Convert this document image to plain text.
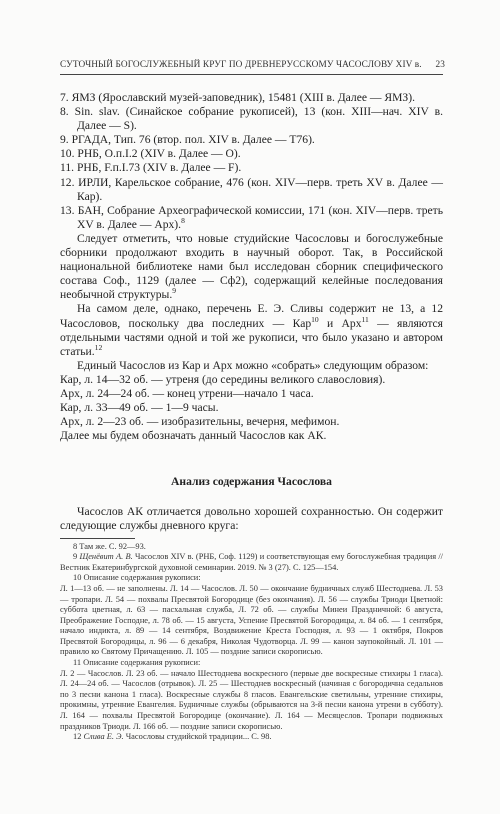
СУТОЧНЫЙ БОГОСЛУЖЕБНЫЙ КРУГ ПО ДРЕВНЕРУССКОМУ ЧАСОСЛОВУ XIV в. 23

7. ЯМЗ (Ярославский музей-заповедник), 15481 (XIII в. Далее — ЯМЗ).

8. Sin. slav. (Синайское собрание рукописей), 13 (кон. XIII—нач. XIV в. Далее — S).

9. РГАДА, Тип. 76 (втор. пол. XIV в. Далее — Т76).

10. РНБ, О.п.I.2 (XIV в. Далее — О).

11. РНБ, F.п.I.73 (XIV в. Далее — F).

12. ИРЛИ, Карельское собрание, 476 (кон. XIV—перв. треть XV в. Далее — Кар).

13. БАН, Собрание Археографической комиссии, 171 (кон. XIV—перв. треть XV в. Далее — Арх).$^8$

Следует отметить, что новые студийские Часословы и богослужебные сборники продолжают входить в научный оборот. Так, в Российской национальной библиотеке нами был исследован сборник специфического состава Соф., 1129 (далее — Сф2), содержащий келейные последования необычной структуры.$^9$

На самом деле, однако, перечень Е. Э. Сливы содержит не 13, а 12 Часословов, поскольку два последних — Кар$^{10}$ и Арх$^{11}$ — являются отдельными частями одной и той же рукописи, что было указано и автором статьи.$^{12}$

Единый Часослов из Кар и Арх можно «собрать» следующим образом:

Кар, л. 14—32 об. — утреня (до середины великого славословия).

Арх, л. 24—24 об. — конец утрени—начало 1 часа.

Кар, л. 33—49 об. — 1—9 часы.

Арх, л. 2—23 об. — изобразительны, вечерня, мефимон.

Далее мы будем обозначать данный Часослов как АК.

Анализ содержания Часослова

Часослов АК отличается довольно хорошей сохранностью. Он содержит следующие службы дневного круга:

8 Там же. С. 92—93.

9 Щенёвит А. В. Часослов XIV в. (РНБ, Соф. 1129) и соответствующая ему богослужебная традиция // Вестник Екатеринбургской духовной семинарии. 2019. № 3 (27). С. 125—154.

10 Описание содержания рукописи:

Л. 1—13 об. — не заполнены. Л. 14 — Часослов. Л. 50 — окончание будничных служб Шестоднева. Л. 53 — тропари. Л. 54 — похвалы Пресвятой Богородице (без окончания). Л. 56 — службы Триоди Цветной: суббота цветная, л. 63 — пасхальная служба, Л. 72 об. — службы Минеи Праздничной: 6 августа, Преображение Господне, л. 78 об. — 15 августа, Успение Пресвятой Богородицы, л. 84 об. — 1 сентября, начало индикта, л. 89 — 14 сентября, Воздвижение Креста Господня, л. 93 — 1 октября, Покров Пресвятой Богородицы, л. 96 — 6 декабря, Николая Чудотворца. Л. 99 — канон заупокойный. Л. 101 — правило ко Святому Причащению. Л. 105 — поздние записи скорописью.

11 Описание содержания рукописи:

Л. 2 — Часослов. Л. 23 об. — начало Шестоднева воскресного (первые две воскресные стихиры 1 гласа). Л. 24—24 об. — Часослов (отрывок). Л. 25 — Шестоднев воскресный (начиная с богородична седальнов по 3 песни канона 1 гласа). Воскресные службы 8 гласов. Евангельские светильны, утренние стихиры, прокимны, утренние Евангелия. Будничные службы (обрываются на 3-й песни канона утрени в субботу). Л. 164 — похвалы Пресвятой Богородице (окончание). Л. 164 — Месяцеслов. Тропари подвижных праздников Триоди. Л. 166 об. — поздние записи скорописью.

12 Слива Е. Э. Часословы студийской традиции... С. 98.
